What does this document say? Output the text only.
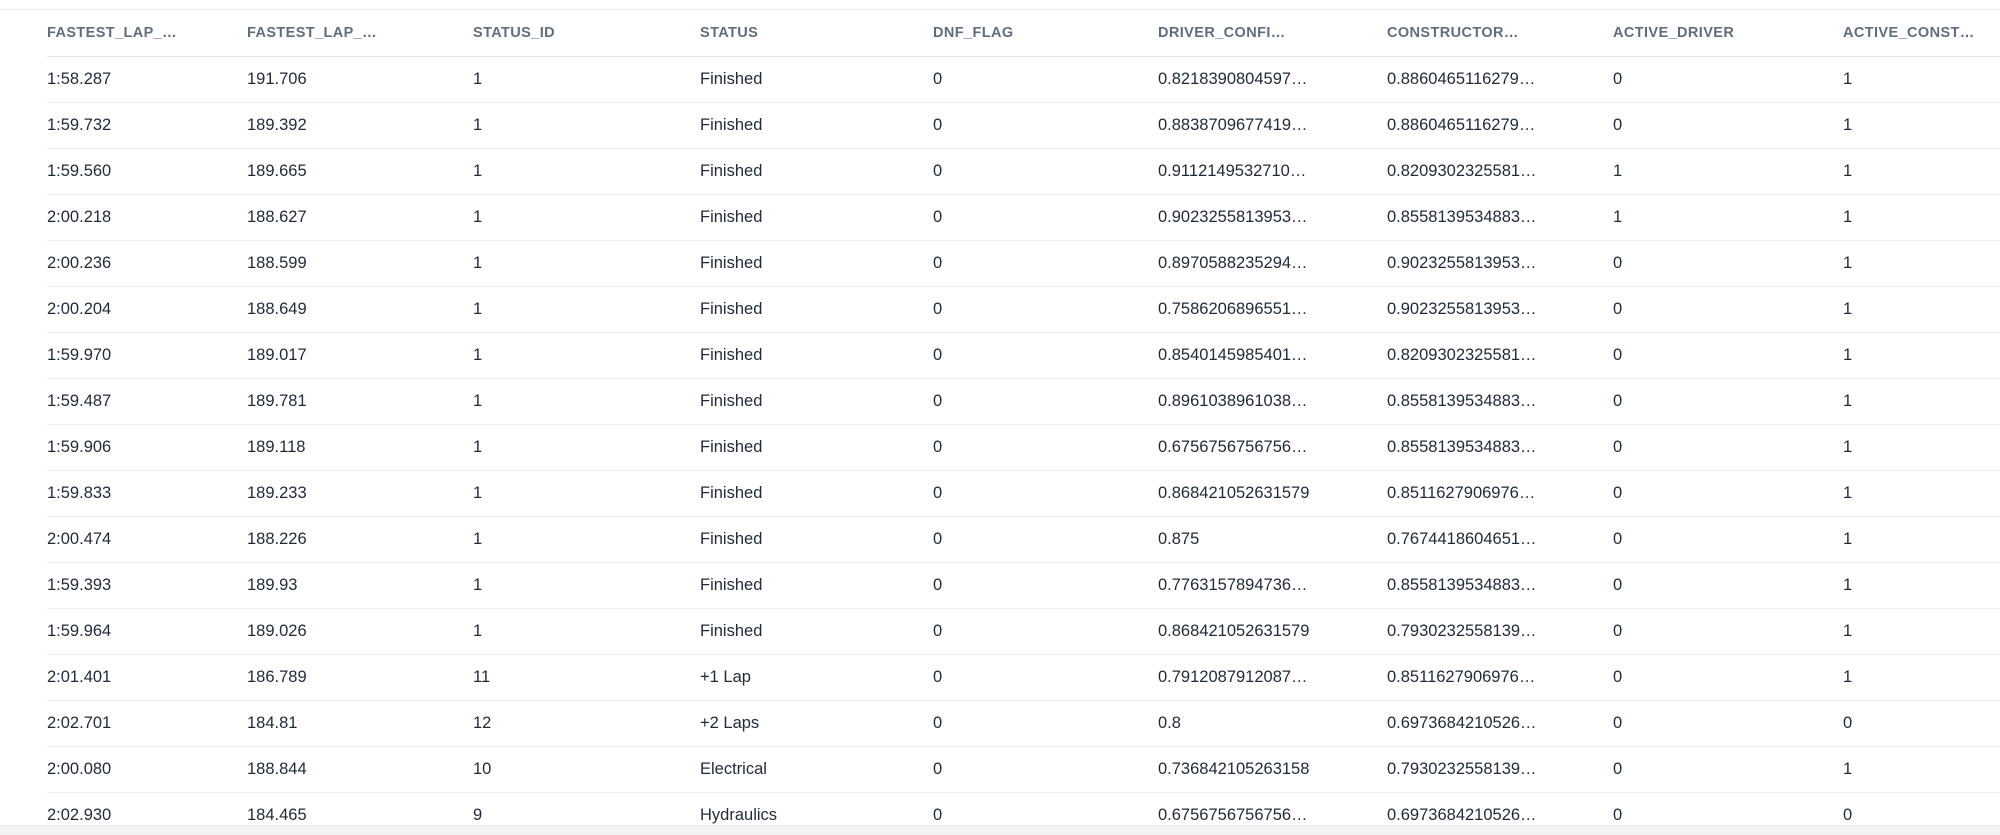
FASTEST_LAP_…	FASTEST_LAP_…	STATUS_ID	STATUS	DNF_FLAG	DRIVER_CONFI…	CONSTRUCTOR…	ACTIVE_DRIVER	ACTIVE_CONST…
1:58.287	191.706	1	Finished	0	0.8218390804597…	0.8860465116279…	0	1
1:59.732	189.392	1	Finished	0	0.8838709677419…	0.8860465116279…	0	1
1:59.560	189.665	1	Finished	0	0.9112149532710…	0.8209302325581…	1	1
2:00.218	188.627	1	Finished	0	0.9023255813953…	0.8558139534883…	1	1
2:00.236	188.599	1	Finished	0	0.8970588235294…	0.9023255813953…	0	1
2:00.204	188.649	1	Finished	0	0.7586206896551…	0.9023255813953…	0	1
1:59.970	189.017	1	Finished	0	0.8540145985401…	0.8209302325581…	0	1
1:59.487	189.781	1	Finished	0	0.8961038961038…	0.8558139534883…	0	1
1:59.906	189.118	1	Finished	0	0.6756756756756…	0.8558139534883…	0	1
1:59.833	189.233	1	Finished	0	0.868421052631579	0.8511627906976…	0	1
2:00.474	188.226	1	Finished	0	0.875	0.7674418604651…	0	1
1:59.393	189.93	1	Finished	0	0.7763157894736…	0.8558139534883…	0	1
1:59.964	189.026	1	Finished	0	0.868421052631579	0.7930232558139…	0	1
2:01.401	186.789	11	+1 Lap	0	0.7912087912087…	0.8511627906976…	0	1
2:02.701	184.81	12	+2 Laps	0	0.8	0.6973684210526…	0	0
2:00.080	188.844	10	Electrical	0	0.736842105263158	0.7930232558139…	0	1
2:02.930	184.465	9	Hydraulics	0	0.6756756756756…	0.6973684210526…	0	0
